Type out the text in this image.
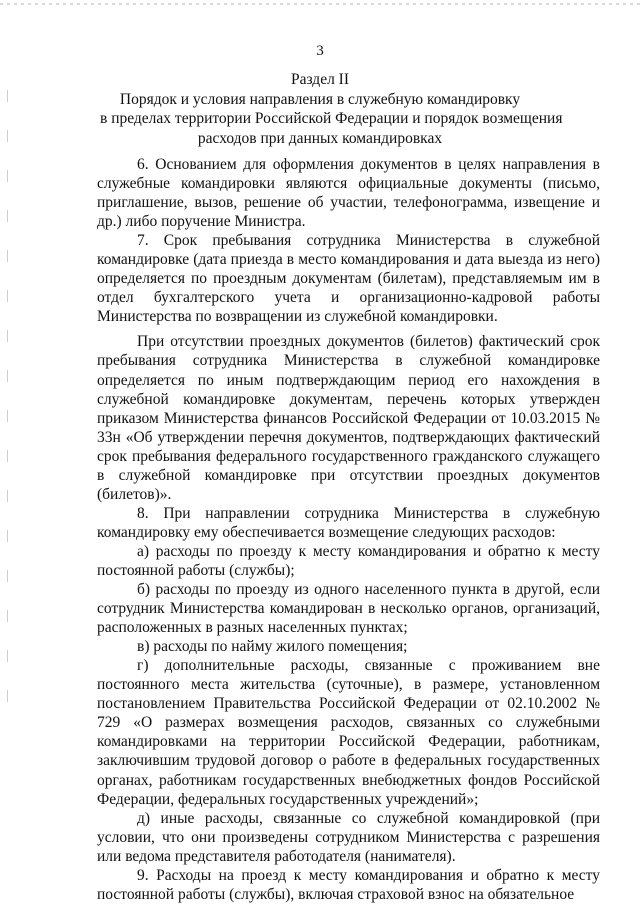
3
Раздел II
Порядок и условия направления в служебную командировку
в пределах территории Российской Федерации и порядок возмещения
расходов при данных командировках

6. Основанием для оформления документов в целях направления в служебные командировки являются официальные документы (письмо, приглашение, вызов, решение об участии, телефонограмма, извещение и др.) либо поручение Министра.

7. Срок пребывания сотрудника Министерства в служебной командировке (дата приезда в место командирования и дата выезда из него) определяется по проездным документам (билетам), представляемым им в отдел бухгалтерского учета и организационно-кадровой работы Министерства по возвращении из служебной командировки.

При отсутствии проездных документов (билетов) фактический срок пребывания сотрудника Министерства в служебной командировке определяется по иным подтверждающим период его нахождения в служебной командировке документам, перечень которых утвержден приказом Министерства финансов Российской Федерации от 10.03.2015 № 33н «Об утверждении перечня документов, подтверждающих фактический срок пребывания федерального государственного гражданского служащего в служебной командировке при отсутствии проездных документов (билетов)».

8. При направлении сотрудника Министерства в служебную командировку ему обеспечивается возмещение следующих расходов:

а) расходы по проезду к месту командирования и обратно к месту постоянной работы (службы);

б) расходы по проезду из одного населенного пункта в другой, если сотрудник Министерства командирован в несколько органов, организаций, расположенных в разных населенных пунктах;

в) расходы по найму жилого помещения;

г) дополнительные расходы, связанные с проживанием вне постоянного места жительства (суточные), в размере, установленном постановлением Правительства Российской Федерации от 02.10.2002 № 729 «О размерах возмещения расходов, связанных со служебными командировками на территории Российской Федерации, работникам, заключившим трудовой договор о работе в федеральных государственных органах, работникам государственных внебюджетных фондов Российской Федерации, федеральных государственных учреждений»;

д) иные расходы, связанные со служебной командировкой (при условии, что они произведены сотрудником Министерства с разрешения или ведома представителя работодателя (нанимателя).

9. Расходы на проезд к месту командирования и обратно к месту постоянной работы (службы), включая страховой взнос на обязательное
